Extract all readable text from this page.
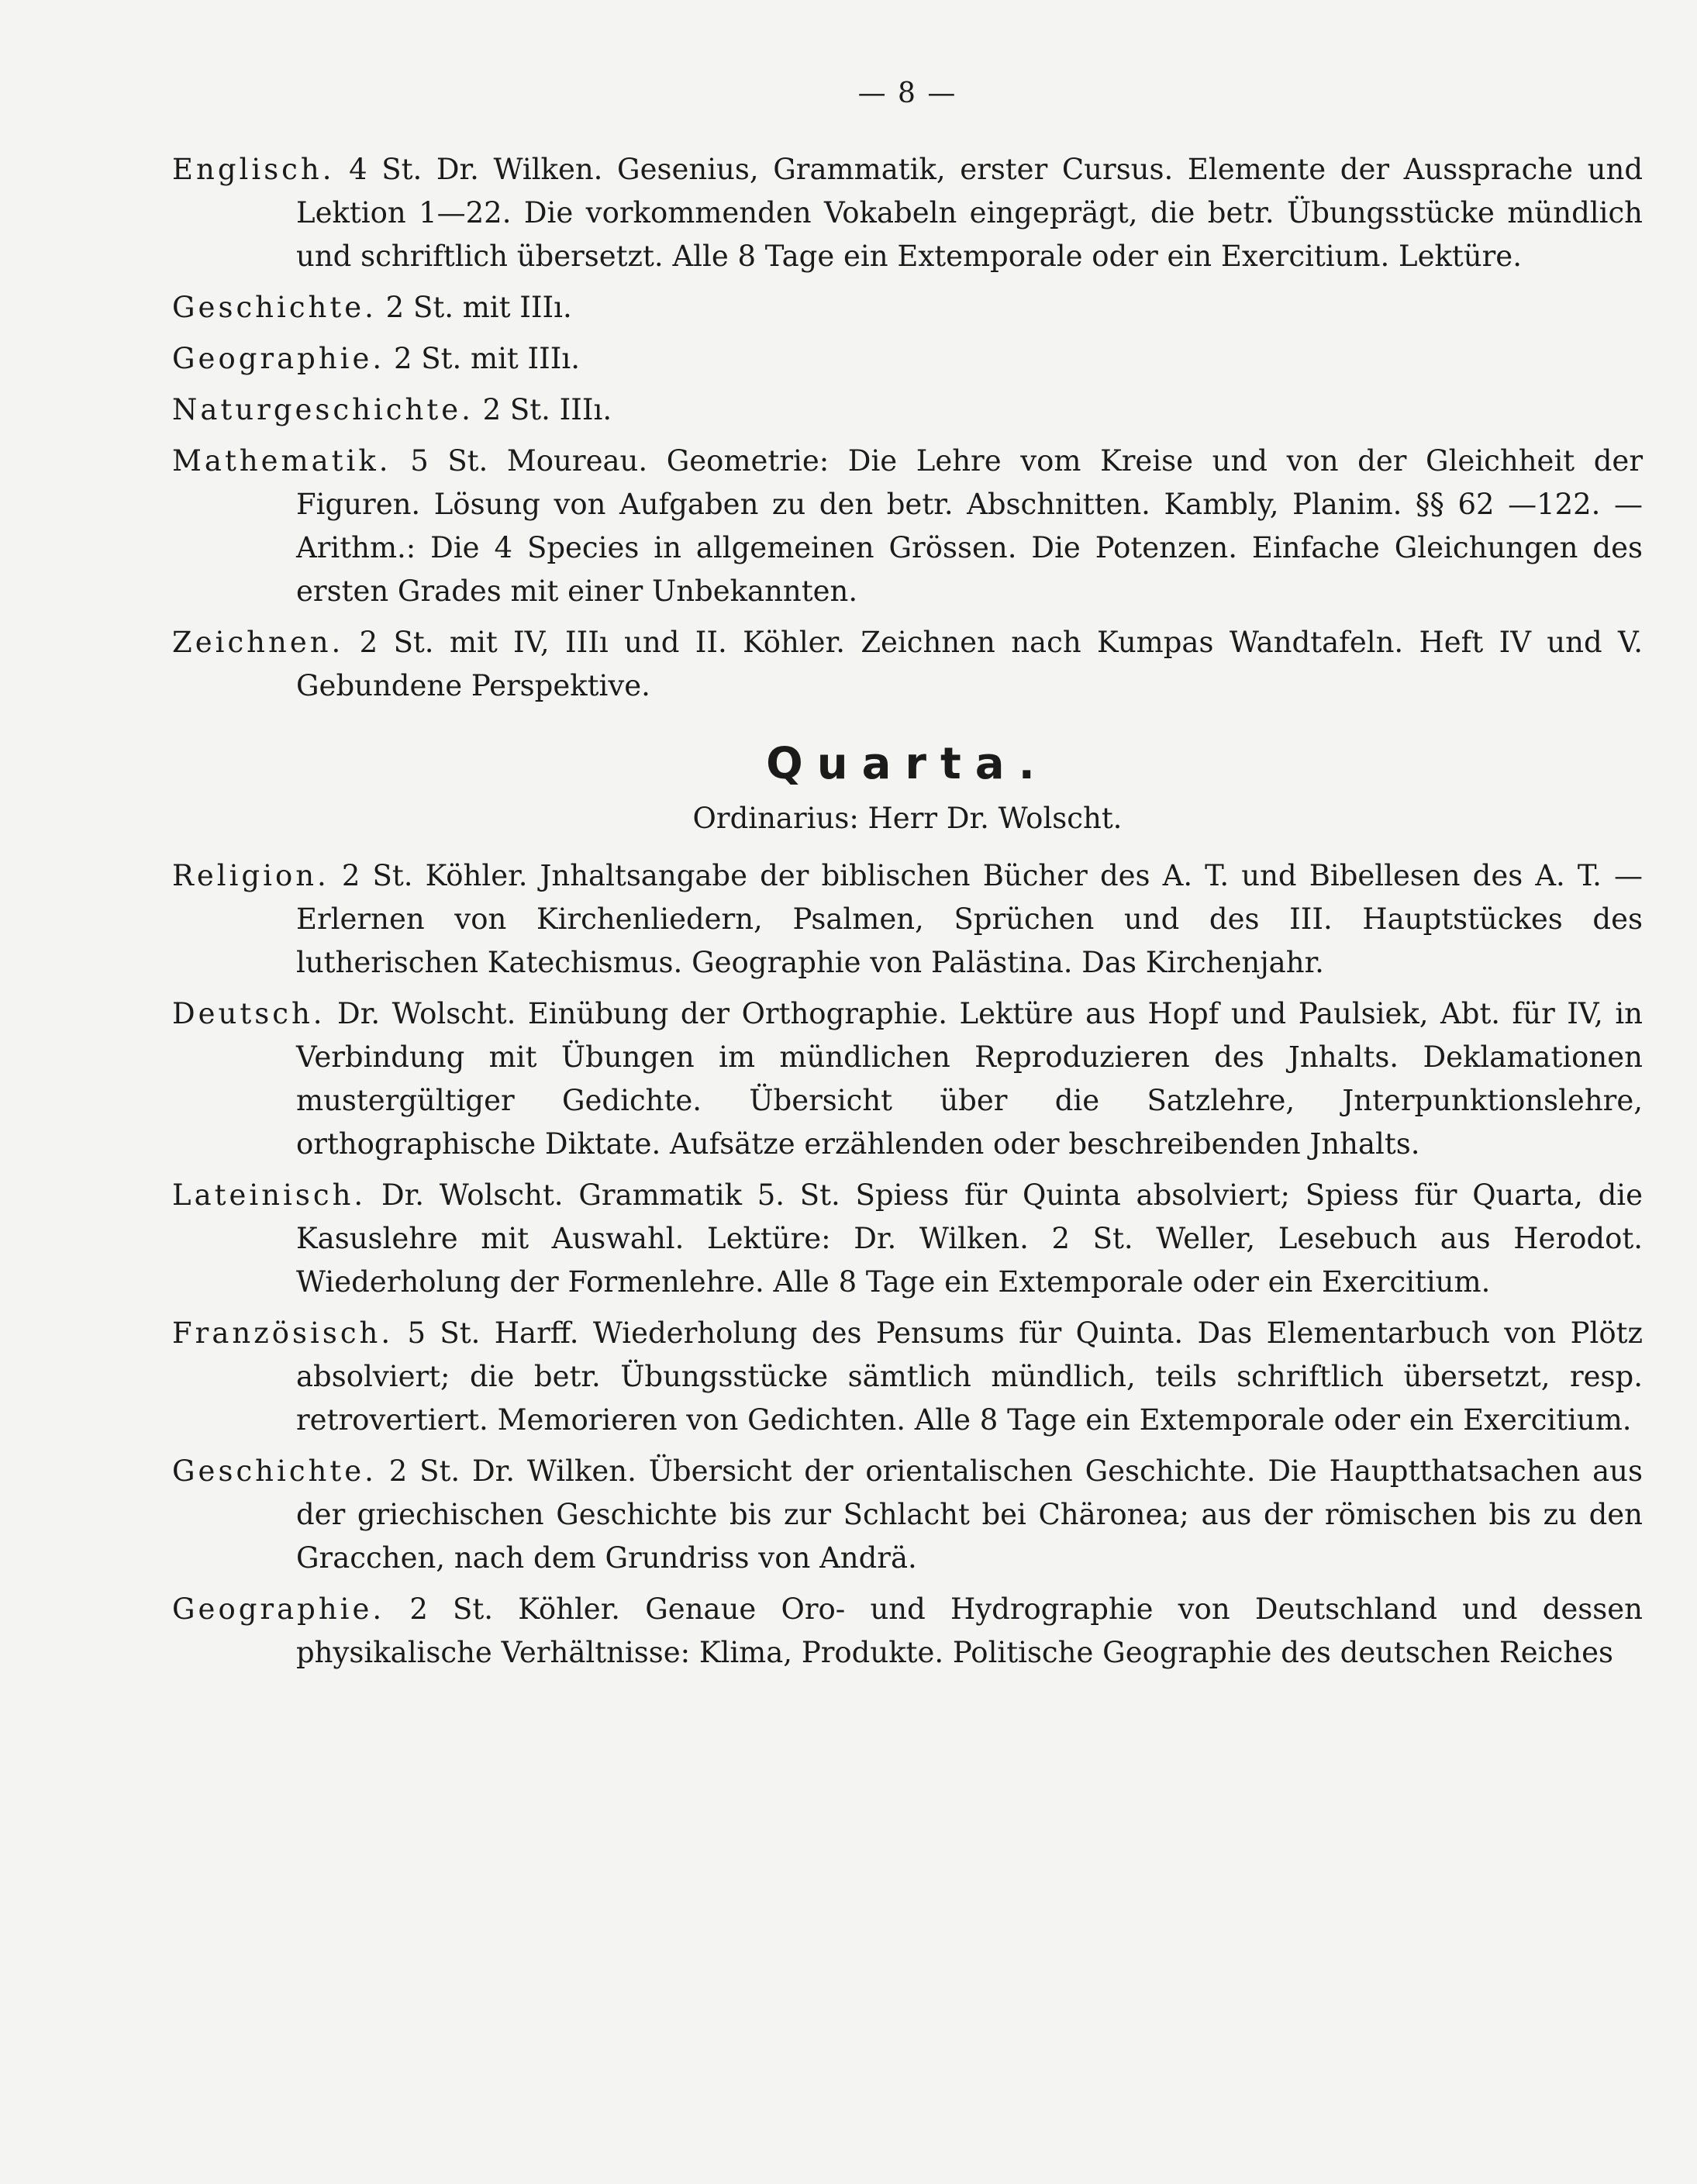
— 8 —

Englisch. 4 St. Dr. Wilken. Gesenius, Grammatik, erster Cursus. Elemente der Aussprache und Lektion 1—22. Die vorkommenden Vokabeln eingeprägt, die betr. Übungsstücke mündlich und schriftlich übersetzt. Alle 8 Tage ein Extemporale oder ein Exercitium. Lektüre.

Geschichte. 2 St. mit IIIı.

Geographie. 2 St. mit IIIı.

Naturgeschichte. 2 St. IIIı.

Mathematik. 5 St. Moureau. Geometrie: Die Lehre vom Kreise und von der Gleichheit der Figuren. Lösung von Aufgaben zu den betr. Abschnitten. Kambly, Planim. §§ 62 —122. — Arithm.: Die 4 Species in allgemeinen Grössen. Die Potenzen. Einfache Gleichungen des ersten Grades mit einer Unbekannten.

Zeichnen. 2 St. mit IV, IIIı und II. Köhler. Zeichnen nach Kumpas Wandtafeln. Heft IV und V. Gebundene Perspektive.

Quarta.
Ordinarius: Herr Dr. Wolscht.

Religion. 2 St. Köhler. Jnhaltsangabe der biblischen Bücher des A. T. und Bibellesen des A. T. — Erlernen von Kirchenliedern, Psalmen, Sprüchen und des III. Hauptstückes des lutherischen Katechismus. Geographie von Palästina. Das Kirchenjahr.

Deutsch. Dr. Wolscht. Einübung der Orthographie. Lektüre aus Hopf und Paulsiek, Abt. für IV, in Verbindung mit Übungen im mündlichen Reproduzieren des Jnhalts. Deklamationen mustergültiger Gedichte. Übersicht über die Satzlehre, Jnterpunktionslehre, orthographische Diktate. Aufsätze erzählenden oder beschreibenden Jnhalts.

Lateinisch. Dr. Wolscht. Grammatik 5. St. Spiess für Quinta absolviert; Spiess für Quarta, die Kasuslehre mit Auswahl. Lektüre: Dr. Wilken. 2 St. Weller, Lesebuch aus Herodot. Wiederholung der Formenlehre. Alle 8 Tage ein Extemporale oder ein Exercitium.

Französisch. 5 St. Harff. Wiederholung des Pensums für Quinta. Das Elementarbuch von Plötz absolviert; die betr. Übungsstücke sämtlich mündlich, teils schriftlich übersetzt, resp. retrovertiert. Memorieren von Gedichten. Alle 8 Tage ein Extemporale oder ein Exercitium.

Geschichte. 2 St. Dr. Wilken. Übersicht der orientalischen Geschichte. Die Hauptthatsachen aus der griechischen Geschichte bis zur Schlacht bei Chäronea; aus der römischen bis zu den Gracchen, nach dem Grundriss von Andrä.

Geographie. 2 St. Köhler. Genaue Oro- und Hydrographie von Deutschland und dessen physikalische Verhältnisse: Klima, Produkte. Politische Geographie des deutschen Reiches
